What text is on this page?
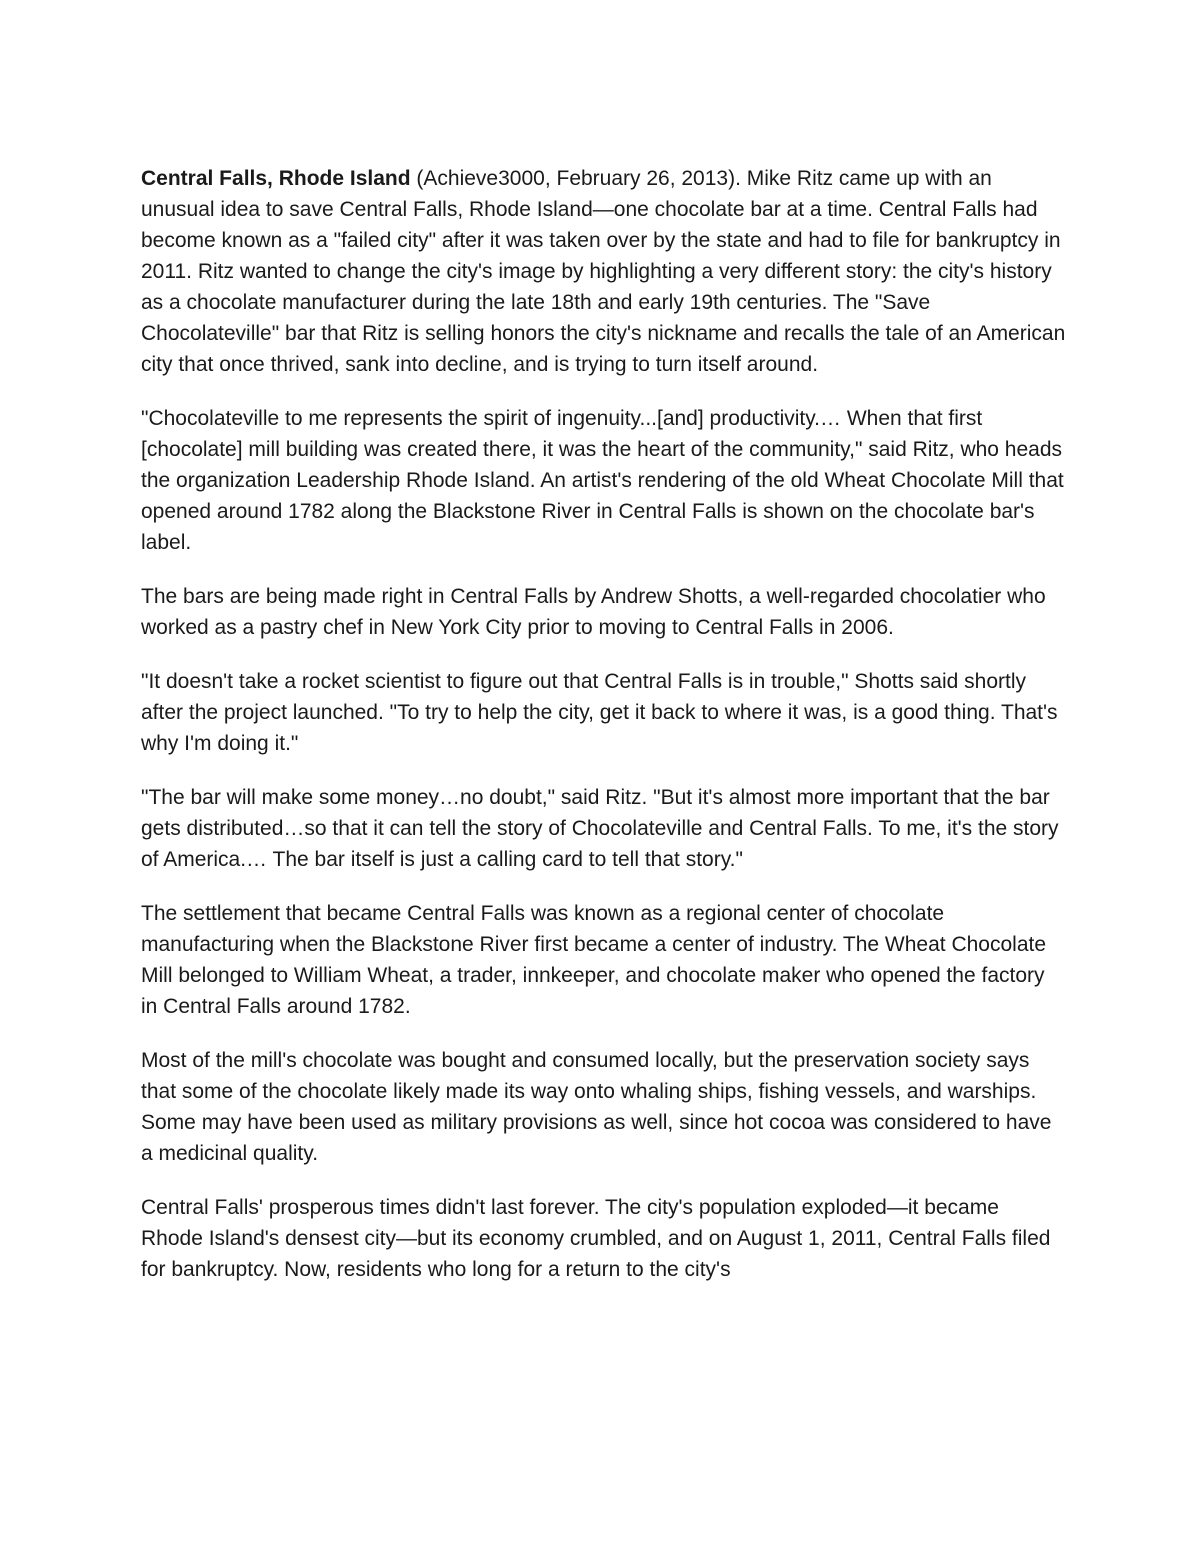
Central Falls, Rhode Island (Achieve3000, February 26, 2013). Mike Ritz came up with an unusual idea to save Central Falls, Rhode Island—one chocolate bar at a time. Central Falls had become known as a "failed city" after it was taken over by the state and had to file for bankruptcy in 2011. Ritz wanted to change the city's image by highlighting a very different story: the city's history as a chocolate manufacturer during the late 18th and early 19th centuries. The "Save Chocolateville" bar that Ritz is selling honors the city's nickname and recalls the tale of an American city that once thrived, sank into decline, and is trying to turn itself around.

"Chocolateville to me represents the spirit of ingenuity...[and] productivity.… When that first [chocolate] mill building was created there, it was the heart of the community," said Ritz, who heads the organization Leadership Rhode Island. An artist's rendering of the old Wheat Chocolate Mill that opened around 1782 along the Blackstone River in Central Falls is shown on the chocolate bar's label.

The bars are being made right in Central Falls by Andrew Shotts, a well-regarded chocolatier who worked as a pastry chef in New York City prior to moving to Central Falls in 2006.

"It doesn't take a rocket scientist to figure out that Central Falls is in trouble," Shotts said shortly after the project launched. "To try to help the city, get it back to where it was, is a good thing. That's why I'm doing it."

"The bar will make some money…no doubt," said Ritz. "But it's almost more important that the bar gets distributed…so that it can tell the story of Chocolateville and Central Falls. To me, it's the story of America.… The bar itself is just a calling card to tell that story."

The settlement that became Central Falls was known as a regional center of chocolate manufacturing when the Blackstone River first became a center of industry. The Wheat Chocolate Mill belonged to William Wheat, a trader, innkeeper, and chocolate maker who opened the factory in Central Falls around 1782.

Most of the mill's chocolate was bought and consumed locally, but the preservation society says that some of the chocolate likely made its way onto whaling ships, fishing vessels, and warships. Some may have been used as military provisions as well, since hot cocoa was considered to have a medicinal quality.

Central Falls' prosperous times didn't last forever. The city's population exploded—it became Rhode Island's densest city—but its economy crumbled, and on August 1, 2011, Central Falls filed for bankruptcy. Now, residents who long for a return to the city's
